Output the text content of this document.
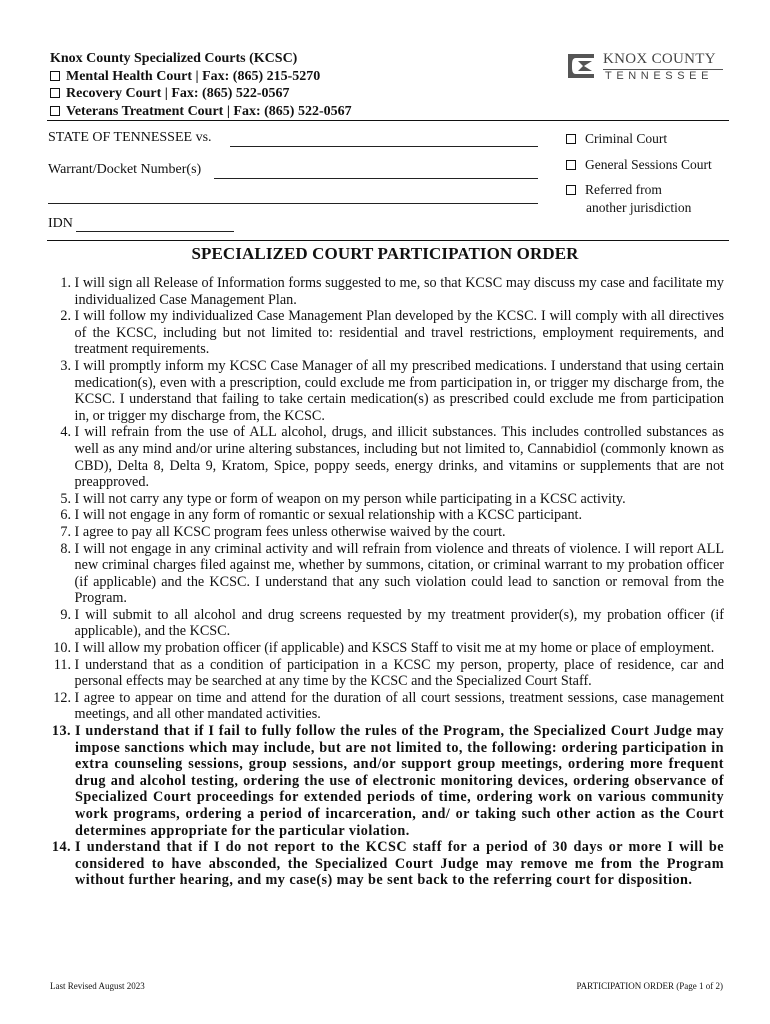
Knox County Specialized Courts (KCSC)
Mental Health Court | Fax: (865) 215-5270
Recovery Court | Fax: (865) 522-0567
Veterans Treatment Court | Fax: (865) 522-0567
KNOX COUNTY
TENNESSEE
STATE OF TENNESSEE vs.
Warrant/Docket Number(s)
IDN
Criminal Court
General Sessions Court
Referred from
another jurisdiction
SPECIALIZED COURT PARTICIPATION ORDER
1.
I will sign all Release of Information forms suggested to me, so that KCSC may discuss my case and facilitate my individualized Case Management Plan.
2.
I will follow my individualized Case Management Plan developed by the KCSC. I will comply with all directives of the KCSC, including but not limited to: residential and travel restrictions, employment requirements, and treatment requirements.
3.
I will promptly inform my KCSC Case Manager of all my prescribed medications. I understand that using certain medication(s), even with a prescription, could exclude me from participation in, or trigger my discharge from, the KCSC. I understand that failing to take certain medication(s) as prescribed could exclude me from participation in, or trigger my discharge from, the KCSC.
4.
I will refrain from the use of ALL alcohol, drugs, and illicit substances. This includes controlled substances as well as any mind and/or urine altering substances, including but not limited to, Cannabidiol (commonly known as CBD), Delta 8, Delta 9, Kratom, Spice, poppy seeds, energy drinks, and vitamins or supplements that are not preapproved.
5.
I will not carry any type or form of weapon on my person while participating in a KCSC activity.
6.
I will not engage in any form of romantic or sexual relationship with a KCSC participant.
7.
I agree to pay all KCSC program fees unless otherwise waived by the court.
8.
I will not engage in any criminal activity and will refrain from violence and threats of violence. I will report ALL new criminal charges filed against me, whether by summons, citation, or criminal warrant to my probation officer (if applicable) and the KCSC. I understand that any such violation could lead to sanction or removal from the Program.
9.
I will submit to all alcohol and drug screens requested by my treatment provider(s), my probation officer (if applicable), and the KCSC.
10.
I will allow my probation officer (if applicable) and KSCS Staff to visit me at my home or place of employment.
11.
I understand that as a condition of participation in a KCSC my person, property, place of residence, car and personal effects may be searched at any time by the KCSC and the Specialized Court Staff.
12.
I agree to appear on time and attend for the duration of all court sessions, treatment sessions, case management meetings, and all other mandated activities.
13.
I understand that if I fail to fully follow the rules of the Program, the Specialized Court Judge may impose sanctions which may include, but are not limited to, the following: ordering participation in extra counseling sessions, group sessions, and/or support group meetings, ordering more frequent drug and alcohol testing, ordering the use of electronic monitoring devices, ordering observance of Specialized Court proceedings for extended periods of time, ordering work on various community work programs, ordering a period of incarceration, and/ or taking such other action as the Court determines appropriate for the particular violation.
14.
I understand that if I do not report to the KCSC staff for a period of 30 days or more I will be considered to have absconded, the Specialized Court Judge may remove me from the Program without further hearing, and my case(s) may be sent back to the referring court for disposition.
Last Revised August 2023	PARTICIPATION ORDER (Page 1 of 2)
